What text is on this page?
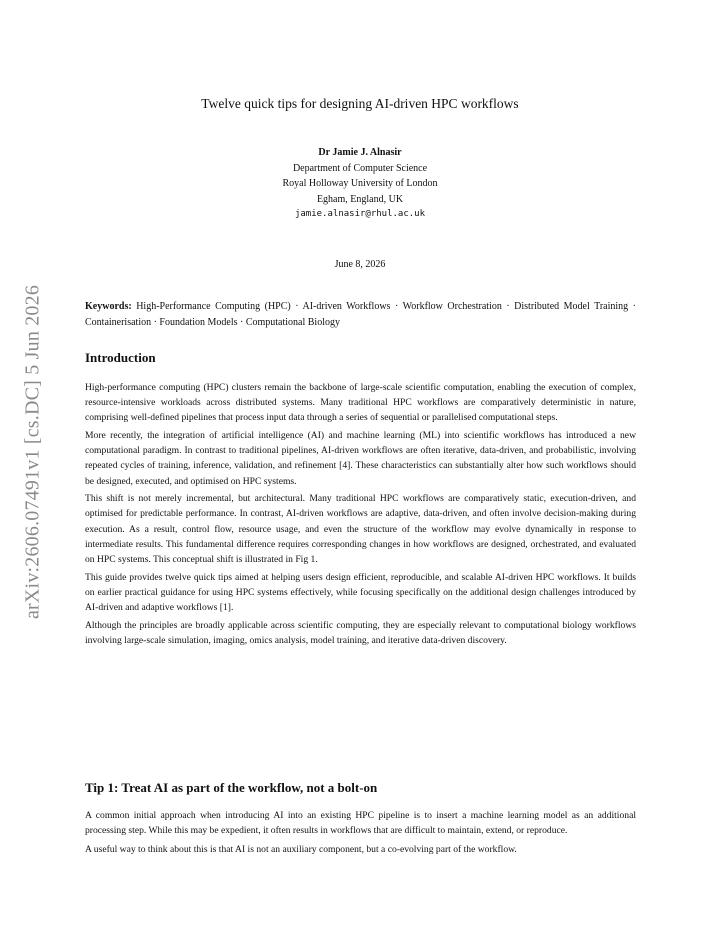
arXiv:2606.07491v1 [cs.DC] 5 Jun 2026
Twelve quick tips for designing AI-driven HPC workflows
Dr Jamie J. Alnasir
Department of Computer Science
Royal Holloway University of London
Egham, England, UK
jamie.alnasir@rhul.ac.uk
June 8, 2026
Keywords: High-Performance Computing (HPC) · AI-driven Workflows · Workflow Orchestration · Distributed Model Training · Containerisation · Foundation Models · Computational Biology
Introduction

High-performance computing (HPC) clusters remain the backbone of large-scale scientific computation, enabling the execution of complex, resource-intensive workloads across distributed systems. Many traditional HPC workflows are comparatively deterministic in nature, comprising well-defined pipelines that process input data through a series of sequential or parallelised computational steps.

More recently, the integration of artificial intelligence (AI) and machine learning (ML) into scientific workflows has introduced a new computational paradigm. In contrast to traditional pipelines, AI-driven workflows are often iterative, data-driven, and probabilistic, involving repeated cycles of training, inference, validation, and refinement [4]. These characteristics can substantially alter how such workflows should be designed, executed, and optimised on HPC systems.

This shift is not merely incremental, but architectural. Many traditional HPC workflows are comparatively static, execution-driven, and optimised for predictable performance. In contrast, AI-driven workflows are adaptive, data-driven, and often involve decision-making during execution. As a result, control flow, resource usage, and even the structure of the workflow may evolve dynamically in response to intermediate results. This fundamental difference requires corresponding changes in how workflows are designed, orchestrated, and evaluated on HPC systems. This conceptual shift is illustrated in Fig 1.

This guide provides twelve quick tips aimed at helping users design efficient, reproducible, and scalable AI-driven HPC workflows. It builds on earlier practical guidance for using HPC systems effectively, while focusing specifically on the additional design challenges introduced by AI-driven and adaptive workflows [1].

Although the principles are broadly applicable across scientific computing, they are especially relevant to computational biology workflows involving large-scale simulation, imaging, omics analysis, model training, and iterative data-driven discovery.

Tip 1: Treat AI as part of the workflow, not a bolt-on

A common initial approach when introducing AI into an existing HPC pipeline is to insert a machine learning model as an additional processing step. While this may be expedient, it often results in workflows that are difficult to maintain, extend, or reproduce.

A useful way to think about this is that AI is not an auxiliary component, but a co-evolving part of the workflow.
